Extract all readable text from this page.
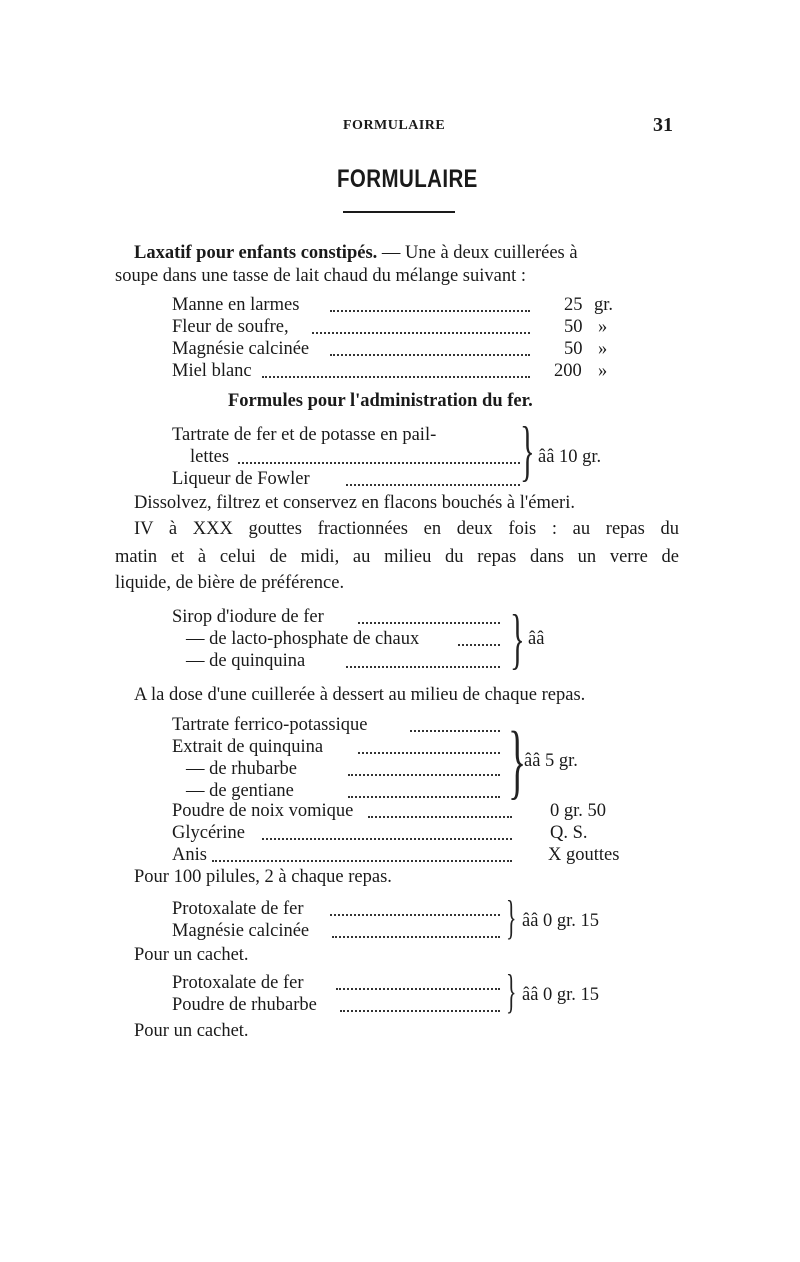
FORMULAIRE	31
FORMULAIRE
Laxatif pour enfants constipés. — Une à deux cuillerées à
soupe dans une tasse de lait chaud du mélange suivant :
Manne en larmes	25 gr.
Fleur de soufre,	50 »
Magnésie calcinée	50 »
Miel blanc	200 »
Formules pour l'administration du fer.
Tartrate de fer et de potasse en pail-
lettes
Liqueur de Fowler	} ââ 10 gr.
Dissolvez, filtrez et conservez en flacons bouchés à l'émeri.
IV à XXX gouttes fractionnées en deux fois : au repas du
matin et à celui de midi, au milieu du repas dans un verre de
liquide, de bière de préférence.
Sirop d'iodure de fer
— de lacto-phosphate de chaux
— de quinquina	} ââ
A la dose d'une cuillerée à dessert au milieu de chaque repas.
Tartrate ferrico-potassique
Extrait de quinquina
— de rhubarbe
— de gentiane	}
ââ 5 gr.
Poudre de noix vomique	0 gr. 50
Glycérine	Q. S.
Anis	X gouttes
Pour 100 pilules, 2 à chaque repas.
Protoxalate de fer
Magnésie calcinée	} ââ 0 gr. 15
Pour un cachet.
Protoxalate de fer
Poudre de rhubarbe	} ââ 0 gr. 15
Pour un cachet.
